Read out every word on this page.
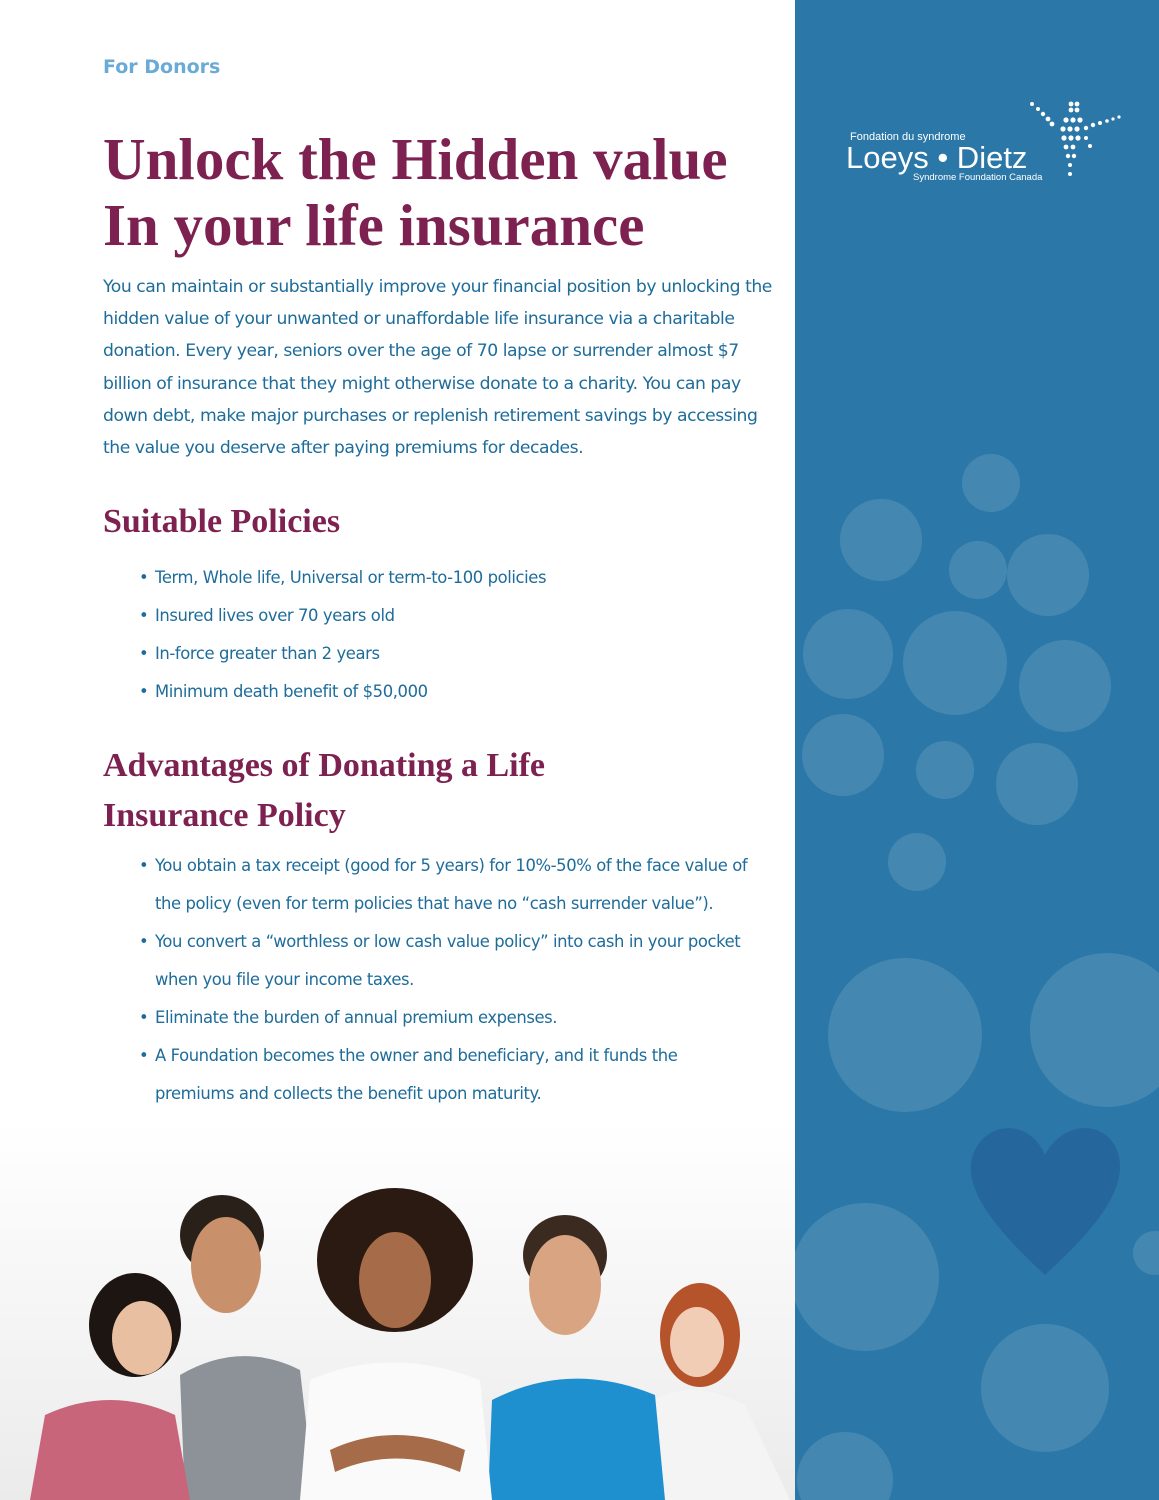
For Donors
Unlock the Hidden value
In your life insurance

You can maintain or substantially improve your financial position by unlocking the
hidden value of your unwanted or unaffordable life insurance via a charitable
donation. Every year, seniors over the age of 70 lapse or surrender almost $7
billion of insurance that they might otherwise donate to a charity. You can pay
down debt, make major purchases or replenish retirement savings by accessing
the value you deserve after paying premiums for decades.

Suitable Policies
• Term, Whole life, Universal or term-to-100 policies
• Insured lives over 70 years old
• In-force greater than 2 years
• Minimum death benefit of $50,000
Advantages of Donating a Life
Insurance Policy
• You obtain a tax receipt (good for 5 years) for 10%-50% of the face value of
the policy (even for term policies that have no “cash surrender value”).
• You convert a “worthless or low cash value policy” into cash in your pocket
when you file your income taxes.
• Eliminate the burden of annual premium expenses.
• A Foundation becomes the owner and beneficiary, and it funds the
premiums and collects the benefit upon maturity.
Fondation du syndrome
Loeys • Dietz
Syndrome Foundation Canada
